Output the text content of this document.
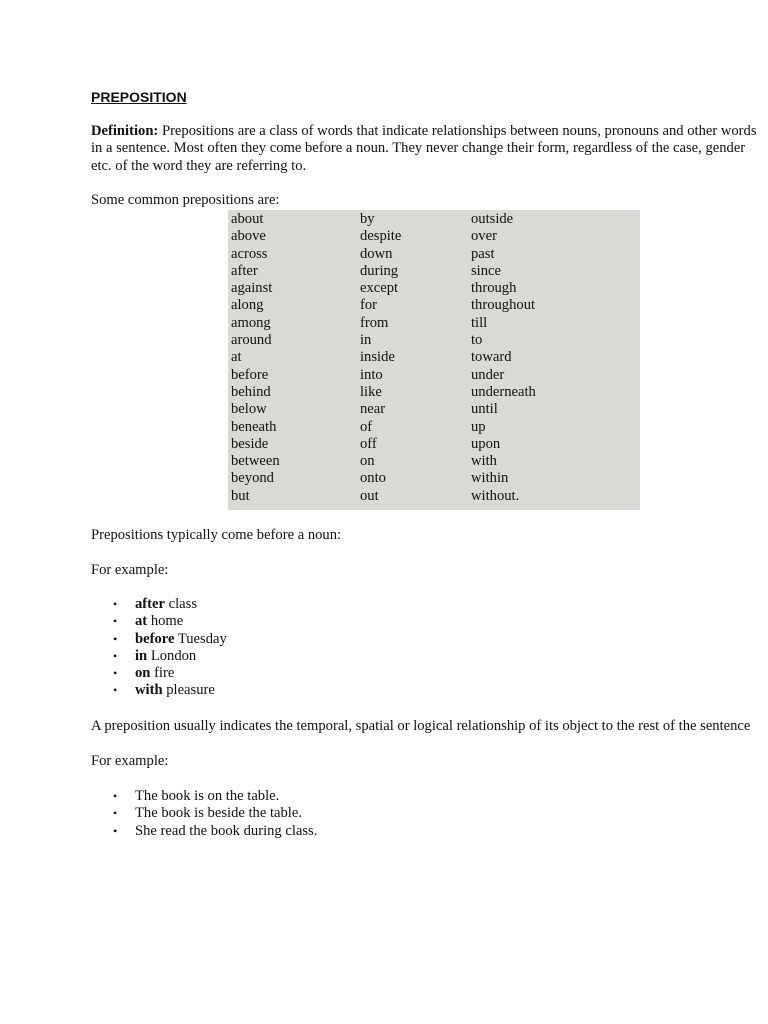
PREPOSITION

Definition: Prepositions are a class of words that indicate relationships between nouns, pronouns and other words
in a sentence. Most often they come before a noun. They never change their form, regardless of the case, gender
etc. of the word they are referring to.

Some common prepositions are:

about
above
across
after
against
along
among
around
at
before
behind
below
beneath
beside
between
beyond
but
by
despite
down
during
except
for
from
in
inside
into
like
near
of
off
on
onto
out
outside
over
past
since
through
throughout
till
to
toward
under
underneath
until
up
upon
with
within
without.

Prepositions typically come before a noun:

For example:

• after class
• at home
• before Tuesday
• in London
• on fire
• with pleasure

A preposition usually indicates the temporal, spatial or logical relationship of its object to the rest of the sentence

For example:

• The book is on the table.
• The book is beside the table.
• She read the book during class.
